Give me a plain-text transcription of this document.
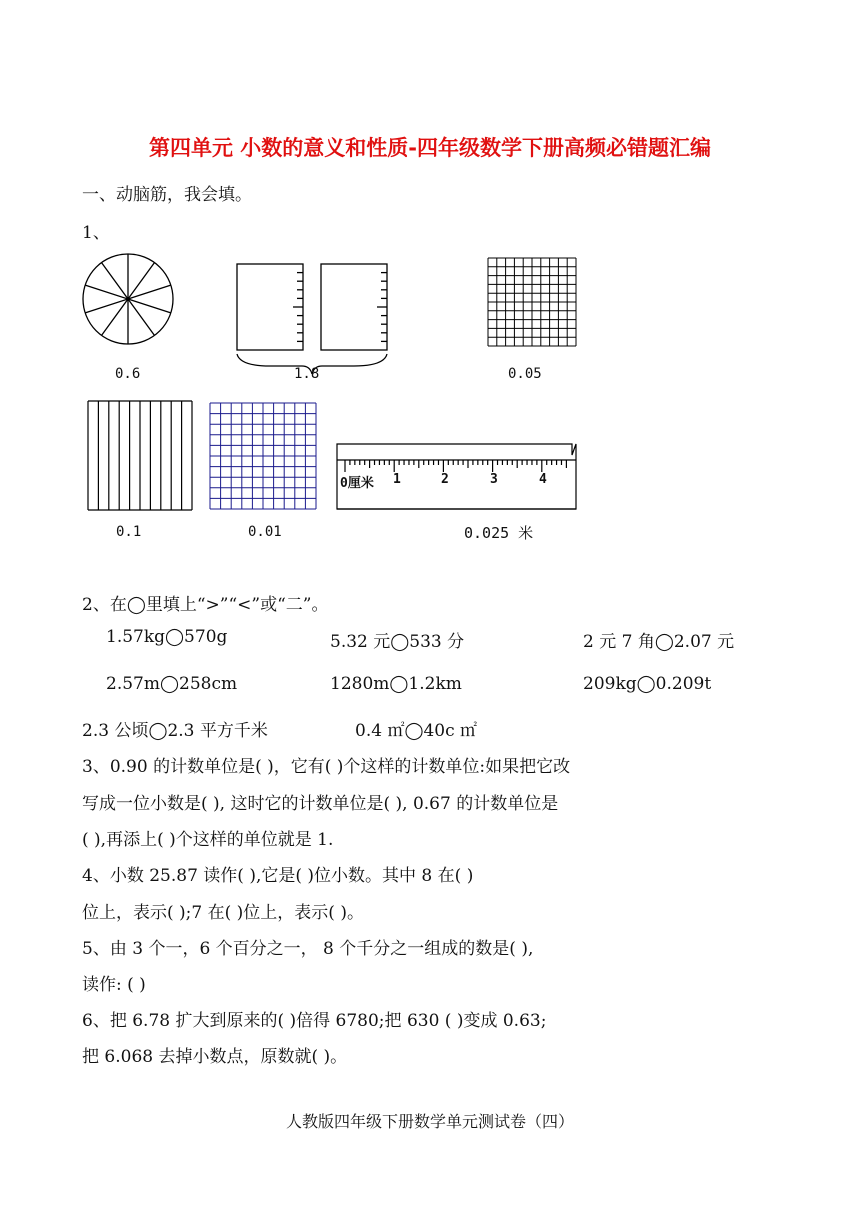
第四单元 小数的意义和性质-四年级数学下册高频必错题汇编
一、动脑筋，我会填。
1、
0厘米 1	2	3	4
0.6	1.8	0.05
0.1	0.01	0.025 米
2、在◯里填上“>”“<”或“二”。
1.57kg◯570g	5.32 元◯533 分	2 元 7 角◯2.07 元
2.57m◯258cm	1280m◯1.2km	209kg◯0.209t
2.3 公顷◯2.3 平方千米	0.4 ㎡◯40c ㎡
3、0.90 的计数单位是( )，它有( )个这样的计数单位:如果把它改
写成一位小数是( ), 这时它的计数单位是( ), 0.67 的计数单位是
( ),再添上( )个这样的单位就是 1.
4、小数 25.87 读作( ),它是( )位小数。其中 8 在( )
位上，表示( );7 在( )位上，表示( )。
5、由 3 个一，6 个百分之一， 8 个千分之一组成的数是( ),
读作: ( )
6、把 6.78 扩大到原来的( )倍得 6780;把 630 ( )变成 0.63;
把 6.068 去掉小数点，原数就( )。
人教版四年级下册数学单元测试卷（四）
